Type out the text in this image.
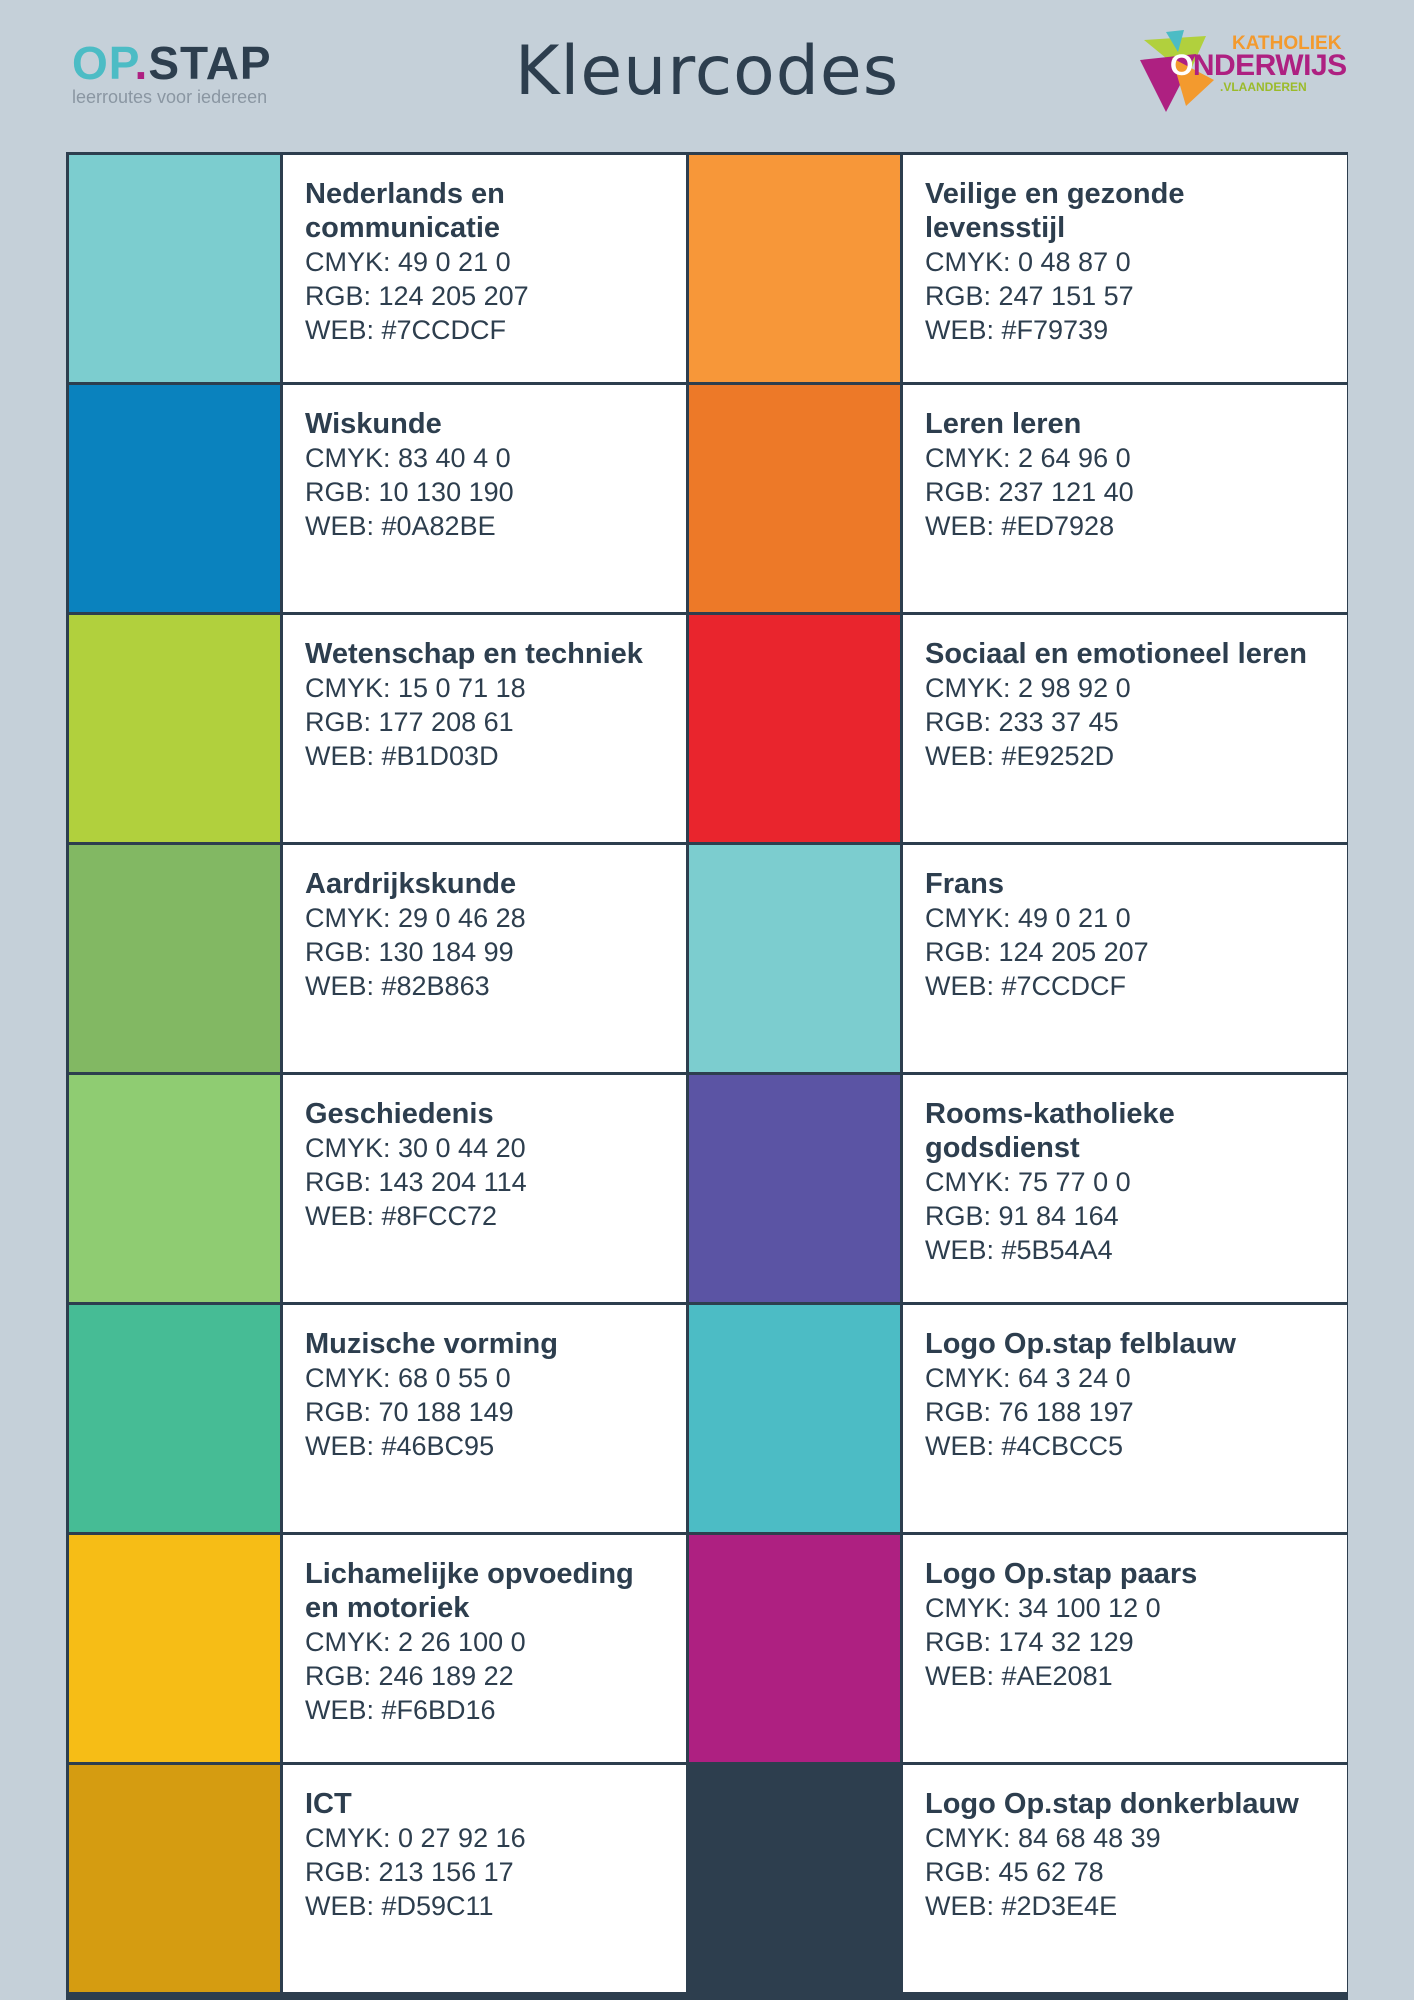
OP.STAP
leerroutes voor iedereen	Kleurcodes	KATHOLIEK
ONDERWIJS
.VLAANDEREN
Nederlands en communicatie
CMYK: 49 0 21 0
RGB: 124 205 207
WEB: #7CCDCF
Veilige en gezonde levensstijl
CMYK: 0 48 87 0
RGB: 247 151 57
WEB: #F79739
Wiskunde
CMYK: 83 40 4 0
RGB: 10 130 190
WEB: #0A82BE
Leren leren
CMYK: 2 64 96 0
RGB: 237 121 40
WEB: #ED7928
Wetenschap en techniek
CMYK: 15 0 71 18
RGB: 177 208 61
WEB: #B1D03D
Sociaal en emotioneel leren
CMYK: 2 98 92 0
RGB: 233 37 45
WEB: #E9252D
Aardrijkskunde
CMYK: 29 0 46 28
RGB: 130 184 99
WEB: #82B863
Frans
CMYK: 49 0 21 0
RGB: 124 205 207
WEB: #7CCDCF
Geschiedenis
CMYK: 30 0 44 20
RGB: 143 204 114
WEB: #8FCC72
Rooms-katholieke godsdienst
CMYK: 75 77 0 0
RGB: 91 84 164
WEB: #5B54A4
Muzische vorming
CMYK: 68 0 55 0
RGB: 70 188 149
WEB: #46BC95
Logo Op.stap felblauw
CMYK: 64 3 24 0
RGB: 76 188 197
WEB: #4CBCC5
Lichamelijke opvoeding en motoriek
CMYK: 2 26 100 0
RGB: 246 189 22
WEB: #F6BD16
Logo Op.stap paars
CMYK: 34 100 12 0
RGB: 174 32 129
WEB: #AE2081
ICT
CMYK: 0 27 92 16
RGB: 213 156 17
WEB: #D59C11
Logo Op.stap donkerblauw
CMYK: 84 68 48 39
RGB: 45 62 78
WEB: #2D3E4E
